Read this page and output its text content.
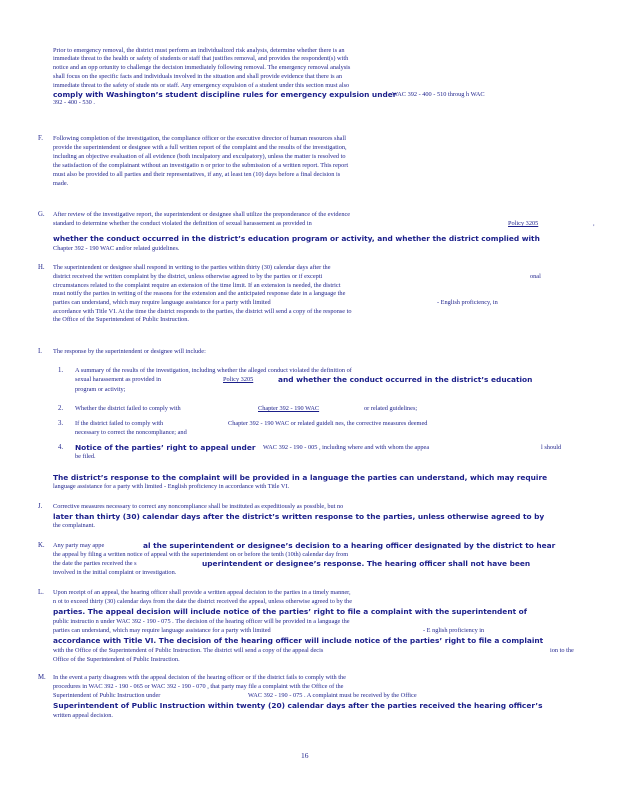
Prior to emergency removal, the district must perform an individualized risk analysis, determine whether there is an
immediate threat to the health or safety of students or staff that justifies removal, and provides the respondent(s) with
notice and an opp ortunity to challenge the decision immediately following removal. The emergency removal analysis
shall focus on the specific facts and individuals involved in the situation and shall provide evidence that there is an
immediate threat to the safety of stude nts or staff. Any emergency expulsion of a student under this section must also
comply with Washington’s student discipline rules for emergency expulsion under
WAC 392 - 400 - 510 throug h WAC
392 - 400 - 530 .
F. Following completion of the investigation, the compliance officer or the executive director of human resources shall
provide the superintendent or designee with a full written report of the complaint and the results of the investigation,
including an objective evaluation of all evidence (both inculpatory and exculpatory), unless the matter is resolved to
the satisfaction of the complainant without an investigatio n or prior to the submission of a written report. This report
must also be provided to all parties and their representatives, if any, at least ten (10) days before a final decision is
made.
G. After review of the investigative report, the superintendent or designee shall utilize the preponderance of the evidence
standard to determine whether the conduct violated the definition of sexual harassement as provided in	Policy 3205	,
whether the conduct occurred in the district’s education program or activity, and whether the district complied with
Chapter 392 - 190 WAC and/or related guidelines.
H. The superintendent or designee shall respond in writing to the parties within thirty (30) calendar days after the
district received the written complaint by the district, unless otherwise agreed to by the parties or if excepti	onal
circumstances related to the complaint require an extension of the time limit. If an extension is needed, the district
must notify the parties in writing of the reasons for the extension and the anticipated response date in a language the
parties can understand, which may require language assistance for a party with limited	- English proficiency, in
accordance with Title VI. At the time the district responds to the parties, the district will send a copy of the response to
the Office of the Superintendent of Public Instruction.
I. The response by the superintendent or designee will include:
1. A summary of the results of the investigation, including whether the alleged conduct violated the definition of
sexual harassement as provided in	Policy 3205	and whether the conduct occurred in the district’s education
program or activity;
2. Whether the district failed to comply with	Chapter 392 - 190 WAC	or related guidelines;
3. If the district failed to comply with	Chapter 392 - 190 WAC or related guideli nes, the corrective measures deemed
necessary to correct the noncompliance; and
4. Notice of the parties’ right to appeal under WAC 392 - 190 - 005 , including where and with whom the appea	l should
be filed.
The district’s response to the complaint will be provided in a language the parties can understand, which may require
language assistance for a party with limited - English proficiency in accordance with Title VI.
J. Corrective measures necessary to correct any noncompliance shall be instituted as expeditiously as possible, but no
later than thirty (30) calendar days after the district’s written response to the parties, unless otherwise agreed to by
the complainant.
K. Any party may appe	al the superintendent or designee’s decision to a hearing officer designated by the district to hear
the appeal by filing a written notice of appeal with the superintendent on or before the tenth (10th) calendar day from
the date the parties received the s	uperintendent or designee’s response. The hearing officer shall not have been
involved in the initial complaint or investigation.
L. Upon receipt of an appeal, the hearing officer shall provide a written appeal decision to the parties in a timely manner,
n ot to exceed thirty (30) calendar days from the date the district received the appeal, unless otherwise agreed to by the
parties. The appeal decision will include notice of the parties’ right to file a complaint with the superintendent of
public instructio n under WAC 392 - 190 - 075 . The decision of the hearing officer will be provided in a language the
parties can understand, which may require language assistance for a party with limited	- E nglish proficiency in
accordance with Title VI. The decision of the hearing officer will include notice of the parties’ right to file a complaint
with the Office of the Superintendent of Public Instruction. The district will send a copy of the appeal decis	ion to the
Office of the Superintendent of Public Instruction.
M. In the event a party disagrees with the appeal decision of the hearing officer or if the district fails to comply with the
procedures in WAC 392 - 190 - 065 or WAC 392 - 190 - 070 , that party may file a complaint with the Office of the
Superintendent of Public Instruction under	WAC 392 - 190 - 075 . A complaint must be received by the Office
Superintendent of Public Instruction within twenty (20) calendar days after the parties received the hearing officer’s
written appeal decision.
16
